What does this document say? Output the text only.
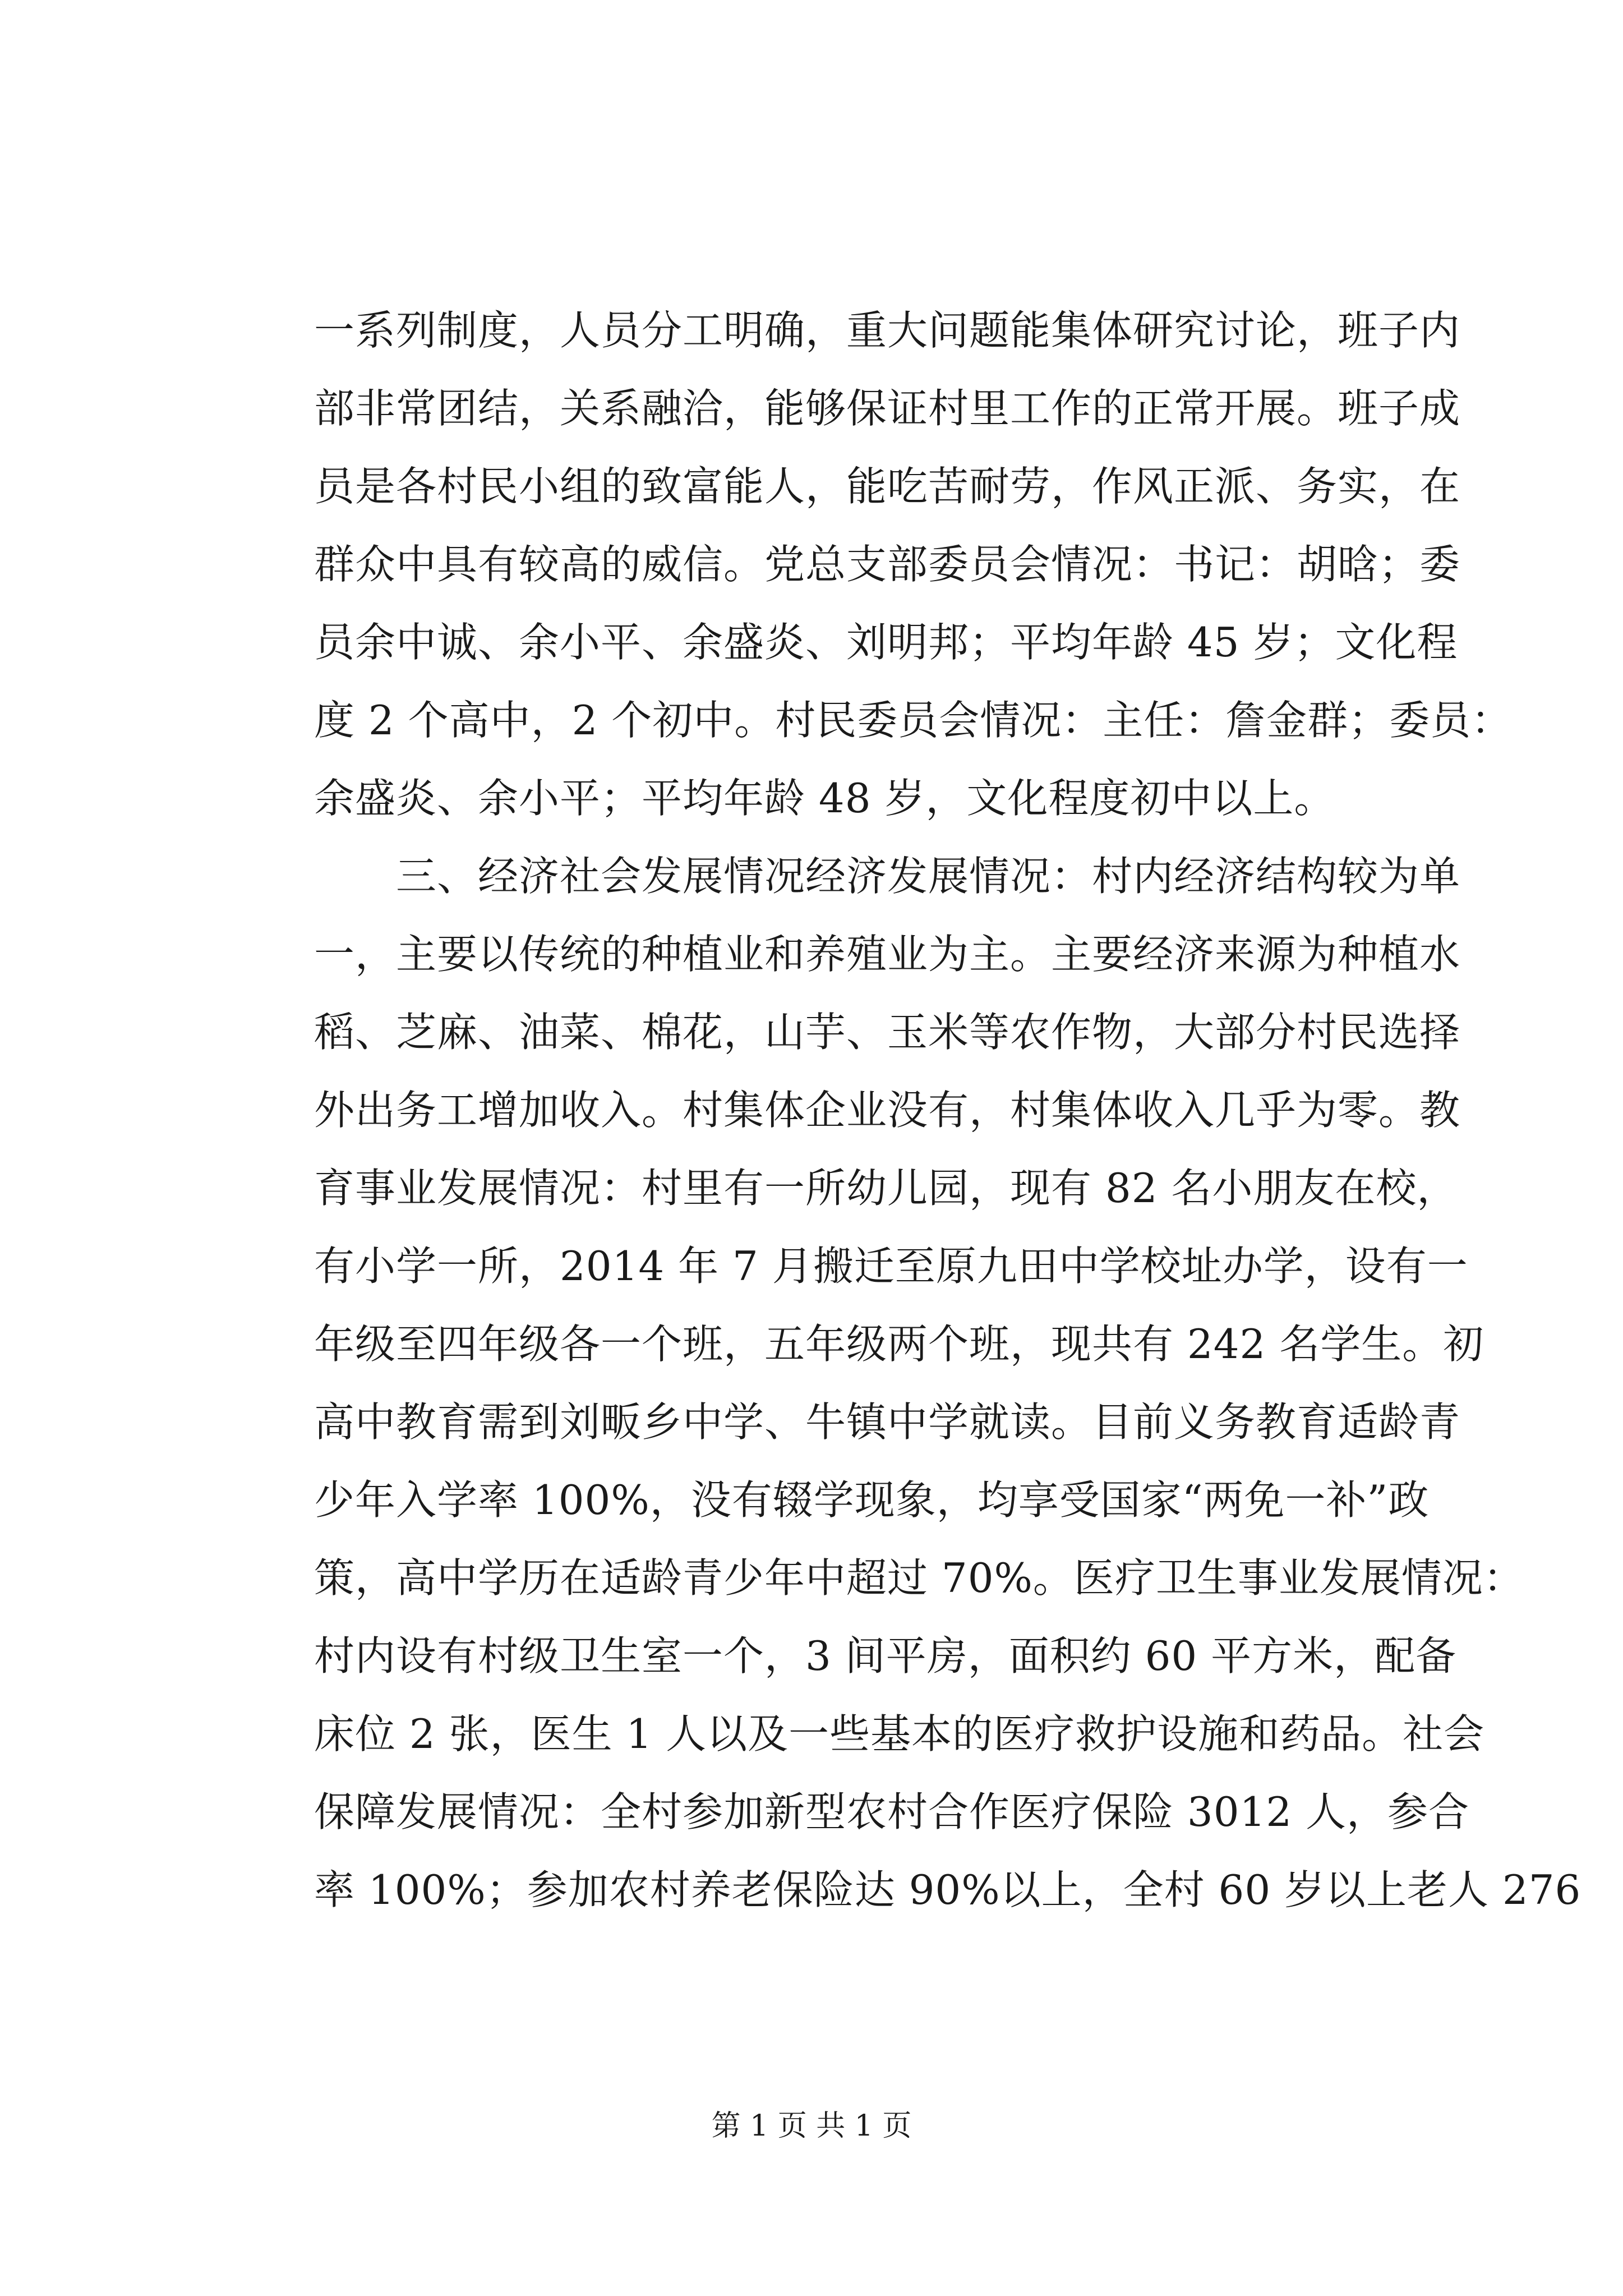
一系列制度，人员分工明确，重大问题能集体研究讨论，班子内
部非常团结，关系融洽，能够保证村里工作的正常开展。班子成
员是各村民小组的致富能人，能吃苦耐劳，作风正派、务实，在
群众中具有较高的威信。党总支部委员会情况：书记：胡晗；委
员余中诚、余小平、余盛炎、刘明邦；平均年龄 45 岁；文化程
度 2 个高中，2 个初中。村民委员会情况：主任：詹金群；委员：
余盛炎、余小平；平均年龄 48 岁，文化程度初中以上。
　　三、经济社会发展情况经济发展情况：村内经济结构较为单
一，主要以传统的种植业和养殖业为主。主要经济来源为种植水
稻、芝麻、油菜、棉花，山芋、玉米等农作物，大部分村民选择
外出务工增加收入。村集体企业没有，村集体收入几乎为零。教
育事业发展情况：村里有一所幼儿园，现有 82 名小朋友在校，
有小学一所，2014 年 7 月搬迁至原九田中学校址办学，设有一
年级至四年级各一个班，五年级两个班，现共有 242 名学生。初
高中教育需到刘畈乡中学、牛镇中学就读。目前义务教育适龄青
少年入学率 100%，没有辍学现象，均享受国家“两免一补”政
策，高中学历在适龄青少年中超过 70%。医疗卫生事业发展情况：
村内设有村级卫生室一个，3 间平房，面积约 60 平方米，配备
床位 2 张，医生 1 人以及一些基本的医疗救护设施和药品。社会
保障发展情况：全村参加新型农村合作医疗保险 3012 人，参合
率 100%；参加农村养老保险达 90%以上，全村 60 岁以上老人 276
第 1 页 共 1 页
